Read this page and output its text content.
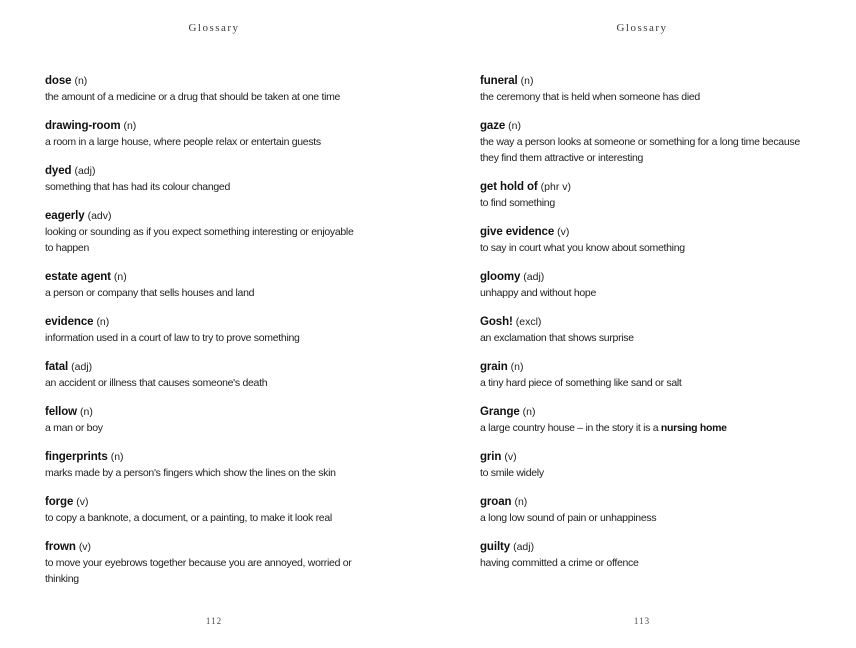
Glossary
dose (n)
the amount of a medicine or a drug that should be taken at one time
drawing-room (n)
a room in a large house, where people relax or entertain guests
dyed (adj)
something that has had its colour changed
eagerly (adv)
looking or sounding as if you expect something interesting or enjoyable
to happen
estate agent (n)
a person or company that sells houses and land
evidence (n)
information used in a court of law to try to prove something
fatal (adj)
an accident or illness that causes someone's death
fellow (n)
a man or boy
fingerprints (n)
marks made by a person's fingers which show the lines on the skin
forge (v)
to copy a banknote, a document, or a painting, to make it look real
frown (v)
to move your eyebrows together because you are annoyed, worried or
thinking
112
Glossary
funeral (n)
the ceremony that is held when someone has died
gaze (n)
the way a person looks at someone or something for a long time because
they find them attractive or interesting
get hold of (phr v)
to find something
give evidence (v)
to say in court what you know about something
gloomy (adj)
unhappy and without hope
Gosh! (excl)
an exclamation that shows surprise
grain (n)
a tiny hard piece of something like sand or salt
Grange (n)
a large country house – in the story it is a nursing home
grin (v)
to smile widely
groan (n)
a long low sound of pain or unhappiness
guilty (adj)
having committed a crime or offence
113
